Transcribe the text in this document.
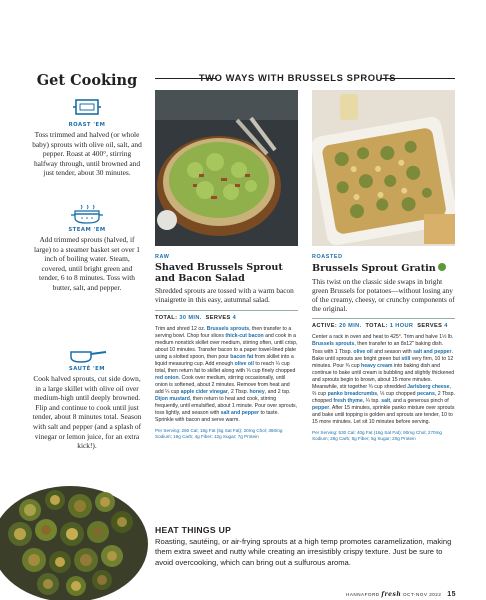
Get Cooking
ROAST 'EM
Toss trimmed and halved (or whole baby) sprouts with olive oil, salt, and pepper. Roast at 400°, stirring halfway through, until browned and just tender, about 30 minutes.
STEAM 'EM
Add trimmed sprouts (halved, if large) to a steamer basket set over 1 inch of boiling water. Steam, covered, until bright green and tender, 6 to 8 minutes. Toss with butter, salt, and pepper.
SAUTÉ 'EM
Cook halved sprouts, cut side down, in a large skillet with olive oil over medium-high until deeply browned. Flip and continue to cook until just tender, about 8 minutes total. Season with salt and pepper (and a splash of vinegar or lemon juice, for an extra kick!).
TWO WAYS WITH BRUSSELS SPROUTS
RAW
Shaved Brussels Sprout and Bacon Salad
Shredded sprouts are tossed with a warm bacon vinaigrette in this easy, autumnal salad.
TOTAL: 30 MIN. SERVES 4
Trim and shred 12 oz. Brussels sprouts, then transfer to a serving bowl. Chop four slices thick-cut bacon and cook in a medium nonstick skillet over medium, stirring often, until crisp, about 10 minutes. Transfer bacon to a paper towel-lined plate using a slotted spoon, then pour bacon fat from skillet into a liquid measuring cup. Add enough olive oil to reach ¼ cup total, then return fat to skillet along with ⅓ cup finely chopped red onion. Cook over medium, stirring occasionally, until onion is softened, about 2 minutes. Remove from heat and add ¼ cup apple cider vinegar, 2 Tbsp. honey, and 2 tsp. Dijon mustard, then return to heat and cook, stirring frequently, until emulsified, about 1 minute. Pour over sprouts, toss lightly, and season with salt and pepper to taste. Sprinkle with bacon and serve warm.
Per Serving: 260 Cal; 18g Fat (5g Sat Fat); 20mg Chol; 360mg Sodium; 19g Carb; 4g Fiber; 12g Sugar; 7g Protein
ROASTED
Brussels Sprout Gratin
This twist on the classic side swaps in bright green Brussels for potatoes—without losing any of the creamy, cheesy, or crunchy components of the original.
ACTIVE: 20 MIN. TOTAL: 1 HOUR SERVES 4
Center a rack in oven and heat to 425°. Trim and halve 1½ lb. Brussels sprouts, then transfer to an 8x12" baking dish. Toss with 1 Tbsp. olive oil and season with salt and pepper. Bake until sprouts are bright green but still very firm, 10 to 12 minutes. Pour ¾ cup heavy cream into baking dish and continue to bake until cream is bubbling and slightly thickened and sprouts begin to brown, about 15 more minutes. Meanwhile, stir together ¾ cup shredded Jarlsberg cheese, ⅔ cup panko breadcrumbs, ⅓ cup chopped pecans, 2 Tbsp. chopped fresh thyme, ¼ tsp. salt, and a generous pinch of pepper. After 15 minutes, sprinkle panko mixture over sprouts and bake until topping is golden and sprouts are tender, 10 to 15 more minutes. Let sit 10 minutes before serving.
Per Serving: 530 Cal; 40g Fat (16g Sat Fat); 90mg Chol; 270mg Sodium; 28g Carb; 6g Fiber; 5g Sugar; 20g Protein
HEAT THINGS UP
Roasting, sautéing, or air-frying sprouts at a high temp promotes caramelization, making them extra sweet and nutty while creating an irresistibly crispy texture. Just be sure to avoid overcooking, which can bring out a sulfurous aroma.
HANNAFORD fresh OCT-NOV 2022 15
